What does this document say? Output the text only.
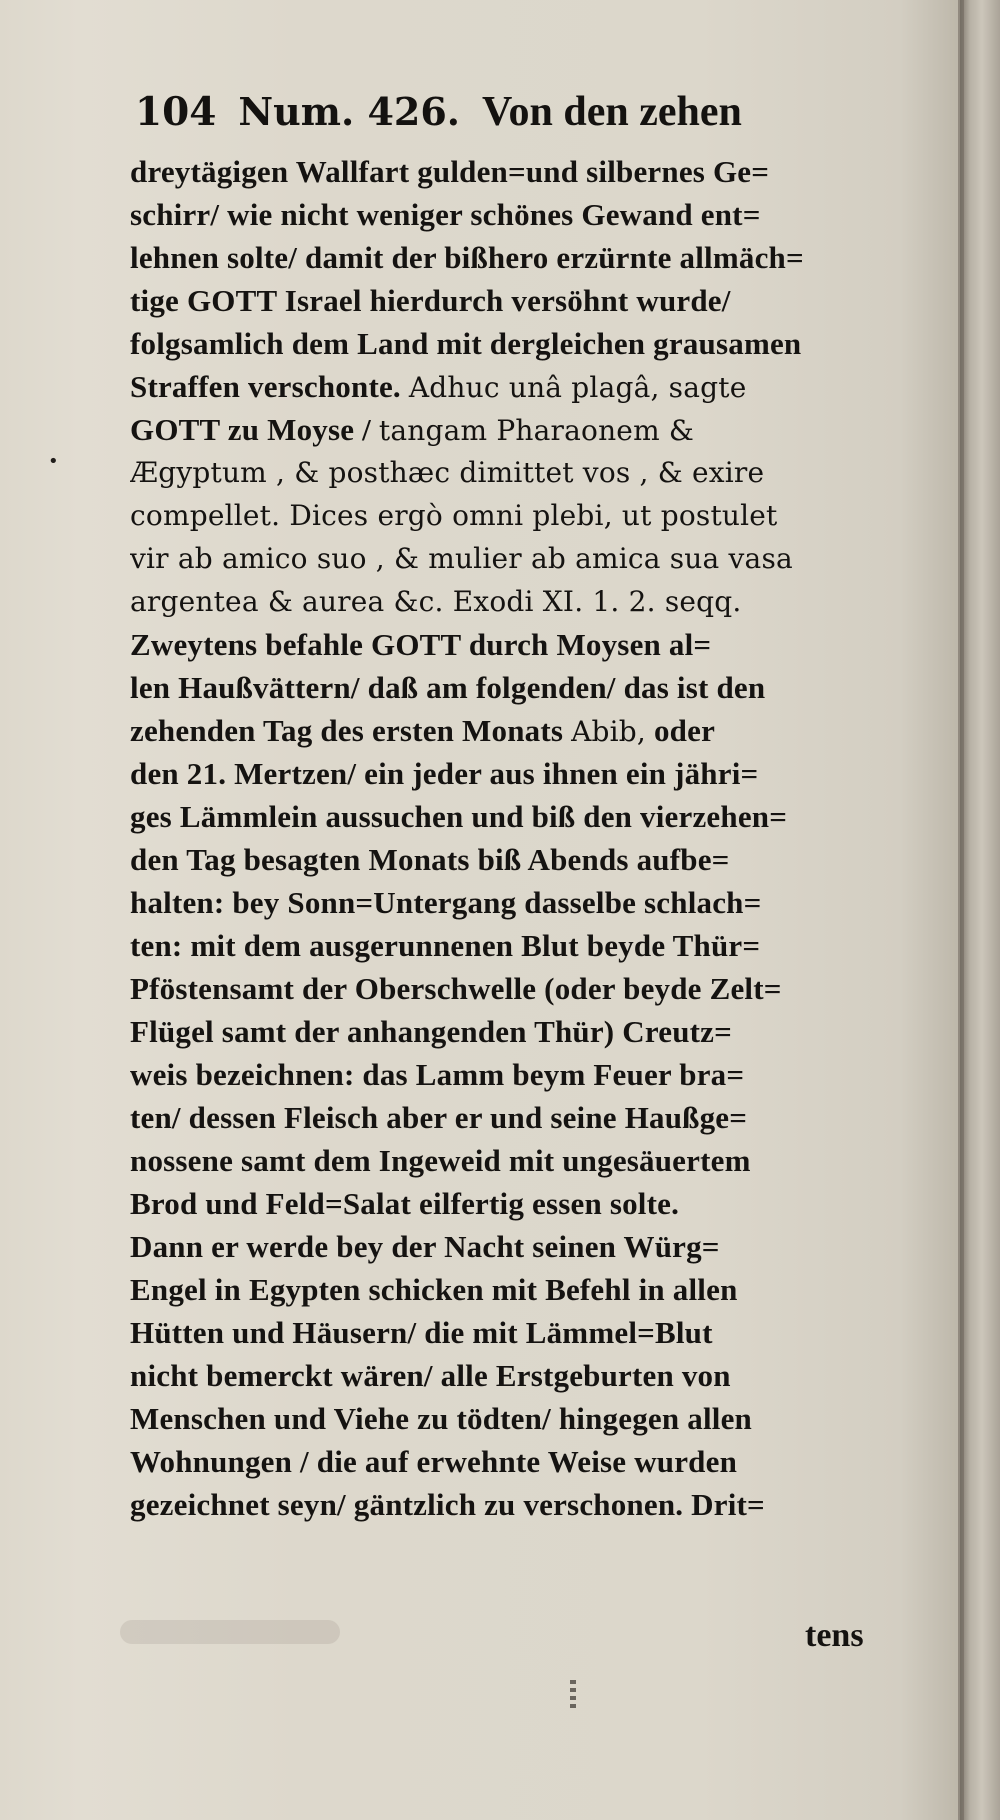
104 Num. 426. Von den zehen
dreytägigen Wallfart gulden=und silbernes Ge=
schirr/ wie nicht weniger schönes Gewand ent=
lehnen solte/ damit der bißhero erzürnte allmäch=
tige GOTT Israel hierdurch versöhnt wurde/
folgsamlich dem Land mit dergleichen grausamen
Straffen verschonte. Adhuc unâ plagâ, sagte
GOTT zu Moyse / tangam Pharaonem &
Ægyptum , & posthæc dimittet vos , & exire
compellet. Dices ergò omni plebi, ut postulet
vir ab amico suo , & mulier ab amica sua vasa
argentea & aurea &c. Exodi XI. 1. 2. seqq.
Zweytens befahle GOTT durch Moysen al=
len Haußvättern/ daß am folgenden/ das ist den
zehenden Tag des ersten Monats Abib, oder
den 21. Mertzen/ ein jeder aus ihnen ein jähri=
ges Lämmlein aussuchen und biß den vierzehen=
den Tag besagten Monats biß Abends aufbe=
halten: bey Sonn=Untergang dasselbe schlach=
ten: mit dem ausgerunnenen Blut beyde Thür=
Pföstensamt der Oberschwelle (oder beyde Zelt=
Flügel samt der anhangenden Thür) Creutz=
weis bezeichnen: das Lamm beym Feuer bra=
ten/ dessen Fleisch aber er und seine Haußge=
nossene samt dem Ingeweid mit ungesäuertem
Brod und Feld=Salat eilfertig essen solte.
Dann er werde bey der Nacht seinen Würg=
Engel in Egypten schicken mit Befehl in allen
Hütten und Häusern/ die mit Lämmel=Blut
nicht bemerckt wären/ alle Erstgeburten von
Menschen und Viehe zu tödten/ hingegen allen
Wohnungen / die auf erwehnte Weise wurden
gezeichnet seyn/ gäntzlich zu verschonen. Drit=
tens
•
